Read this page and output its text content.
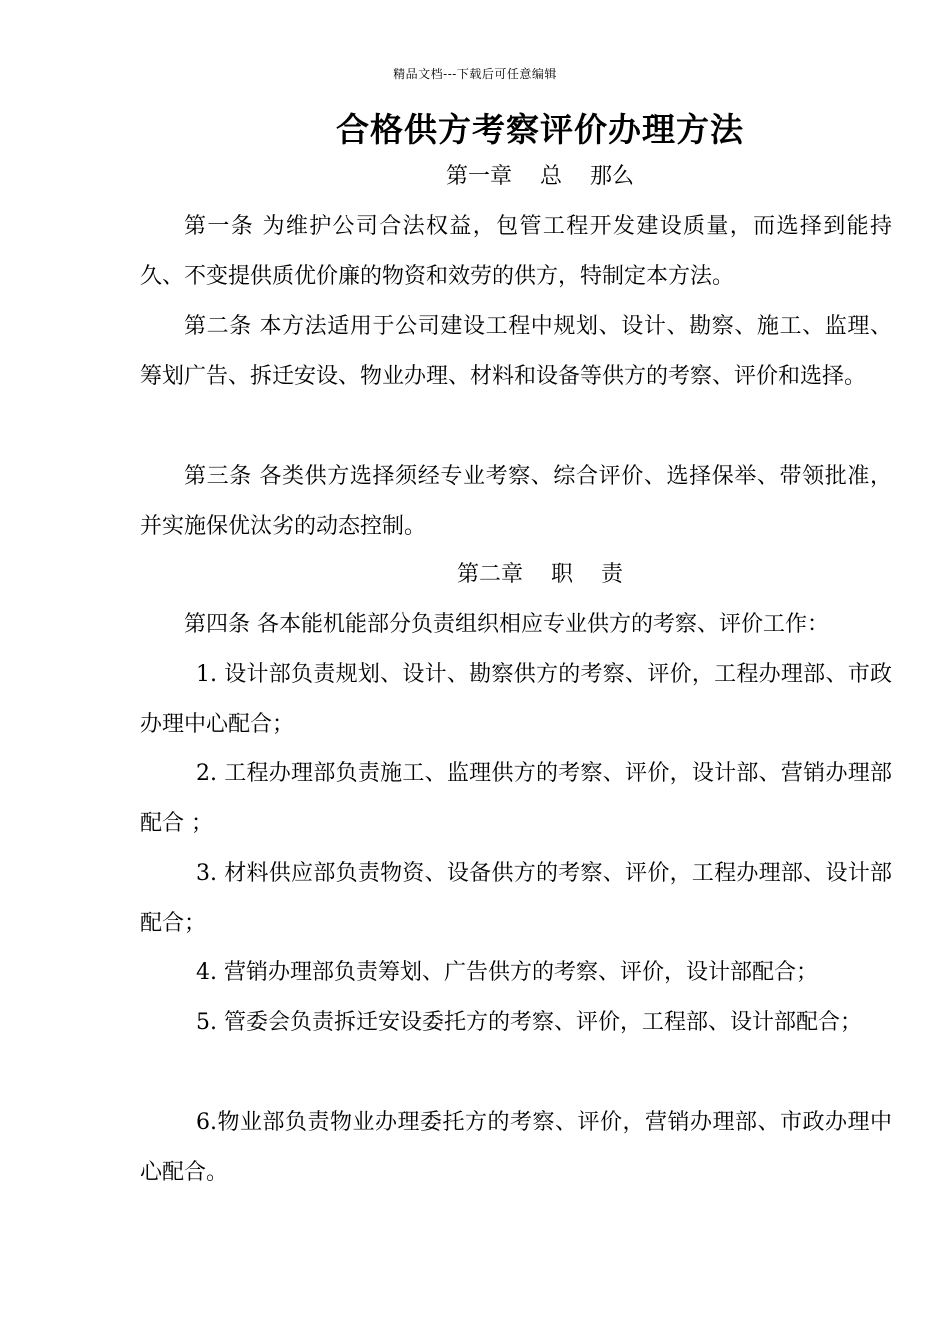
精品文档---下载后可任意编辑
合格供方考察评价办理方法
第一章    总    那么

第一条 为维护公司合法权益，包管工程开发建设质量，而选择到能持久、不变提供质优价廉的物资和效劳的供方，特制定本方法。

第二条 本方法适用于公司建设工程中规划、设计、勘察、施工、监理、筹划广告、拆迁安设、物业办理、材料和设备等供方的考察、评价和选择。

第三条 各类供方选择须经专业考察、综合评价、选择保举、带领批准，并实施保优汰劣的动态控制。

第二章    职    责

第四条 各本能机能部分负责组织相应专业供方的考察、评价工作：

1. 设计部负责规划、设计、勘察供方的考察、评价，工程办理部、市政办理中心配合；

2. 工程办理部负责施工、监理供方的考察、评价，设计部、营销办理部配合 ；

3. 材料供应部负责物资、设备供方的考察、评价，工程办理部、设计部配合；

4. 营销办理部负责筹划、广告供方的考察、评价，设计部配合；

5. 管委会负责拆迁安设委托方的考察、评价，工程部、设计部配合；

6.物业部负责物业办理委托方的考察、评价，营销办理部、市政办理中心配合。
